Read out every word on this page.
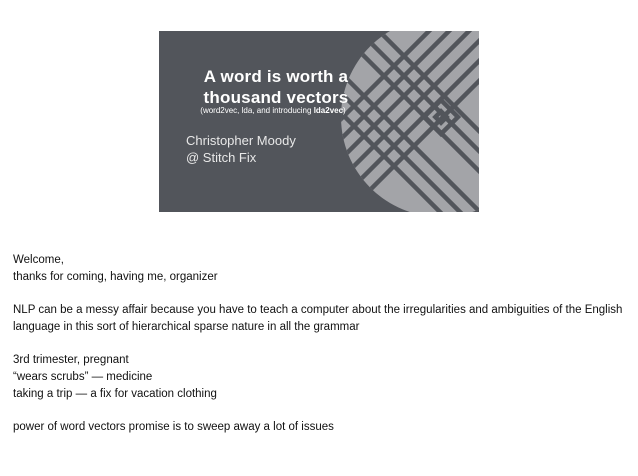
A word is worth a
thousand vectors
(word2vec, lda, and introducing lda2vec)
Christopher Moody
@ Stitch Fix

Welcome,

thanks for coming, having me, organizer

NLP can be a messy affair because you have to teach a computer about the irregularities and ambiguities of the English language in this sort of hierarchical sparse nature in all the grammar

3rd trimester, pregnant

“wears scrubs” — medicine

taking a trip — a fix for vacation clothing

power of word vectors promise is to sweep away a lot of issues
